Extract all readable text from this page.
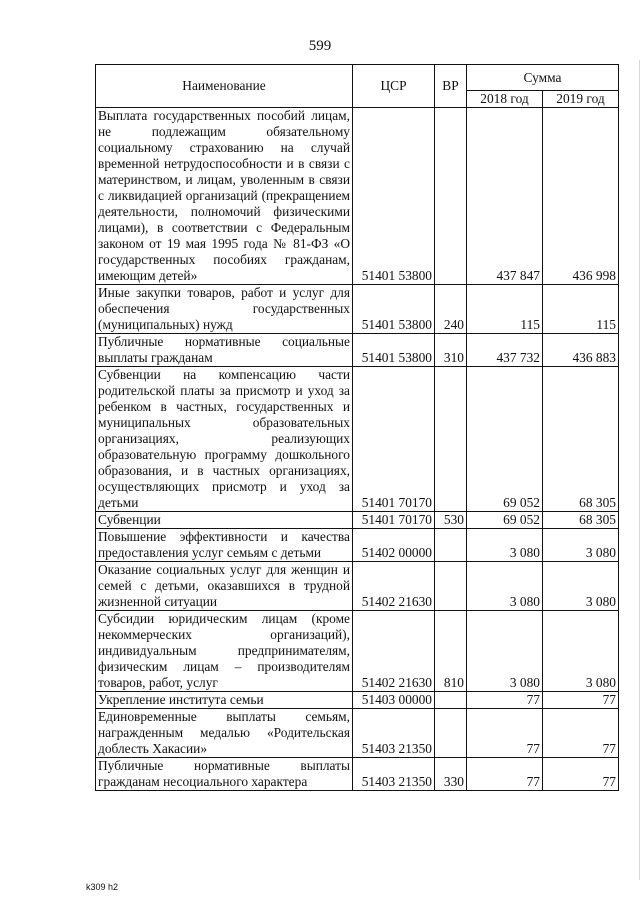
599
Наименование	ЦСР	ВР	Сумма	
			2018 год	2019 год
Выплата государственных пособий лицам, не подлежащим обязательному социальному страхованию на случай временной нетрудоспособности и в связи с материнством, и лицам, уволенным в связи с ликвидацией организаций (прекращением деятельности, полномочий физическими лицами), в соответствии с Федеральным законом от 19 мая 1995 года № 81-ФЗ «О государственных пособиях гражданам, имеющим детей»	51401 53800		437 847	436 998
Иные закупки товаров, работ и услуг для обеспечения государственных (муниципальных) нужд	51401 53800	240	115	115
Публичные нормативные социальные выплаты гражданам	51401 53800	310	437 732	436 883
Субвенции на компенсацию части родительской платы за присмотр и уход за ребенком в частных, государственных и муниципальных образовательных организациях, реализующих образовательную программу дошкольного образования, и в частных организациях, осуществляющих присмотр и уход за детьми	51401 70170		69 052	68 305
Субвенции	51401 70170	530	69 052	68 305
Повышение эффективности и качества предоставления услуг семьям с детьми	51402 00000		3 080	3 080
Оказание социальных услуг для женщин и семей с детьми, оказавшихся в трудной жизненной ситуации	51402 21630		3 080	3 080
Субсидии юридическим лицам (кроме некоммерческих организаций), индивидуальным предпринимателям, физическим лицам – производителям товаров, работ, услуг	51402 21630	810	3 080	3 080
Укрепление института семьи	51403 00000		77	77
Единовременные выплаты семьям, награжденным медалью «Родительская доблесть Хакасии»	51403 21350		77	77
Публичные нормативные выплаты гражданам несоциального характера	51403 21350	330	77	77
k309 h2
